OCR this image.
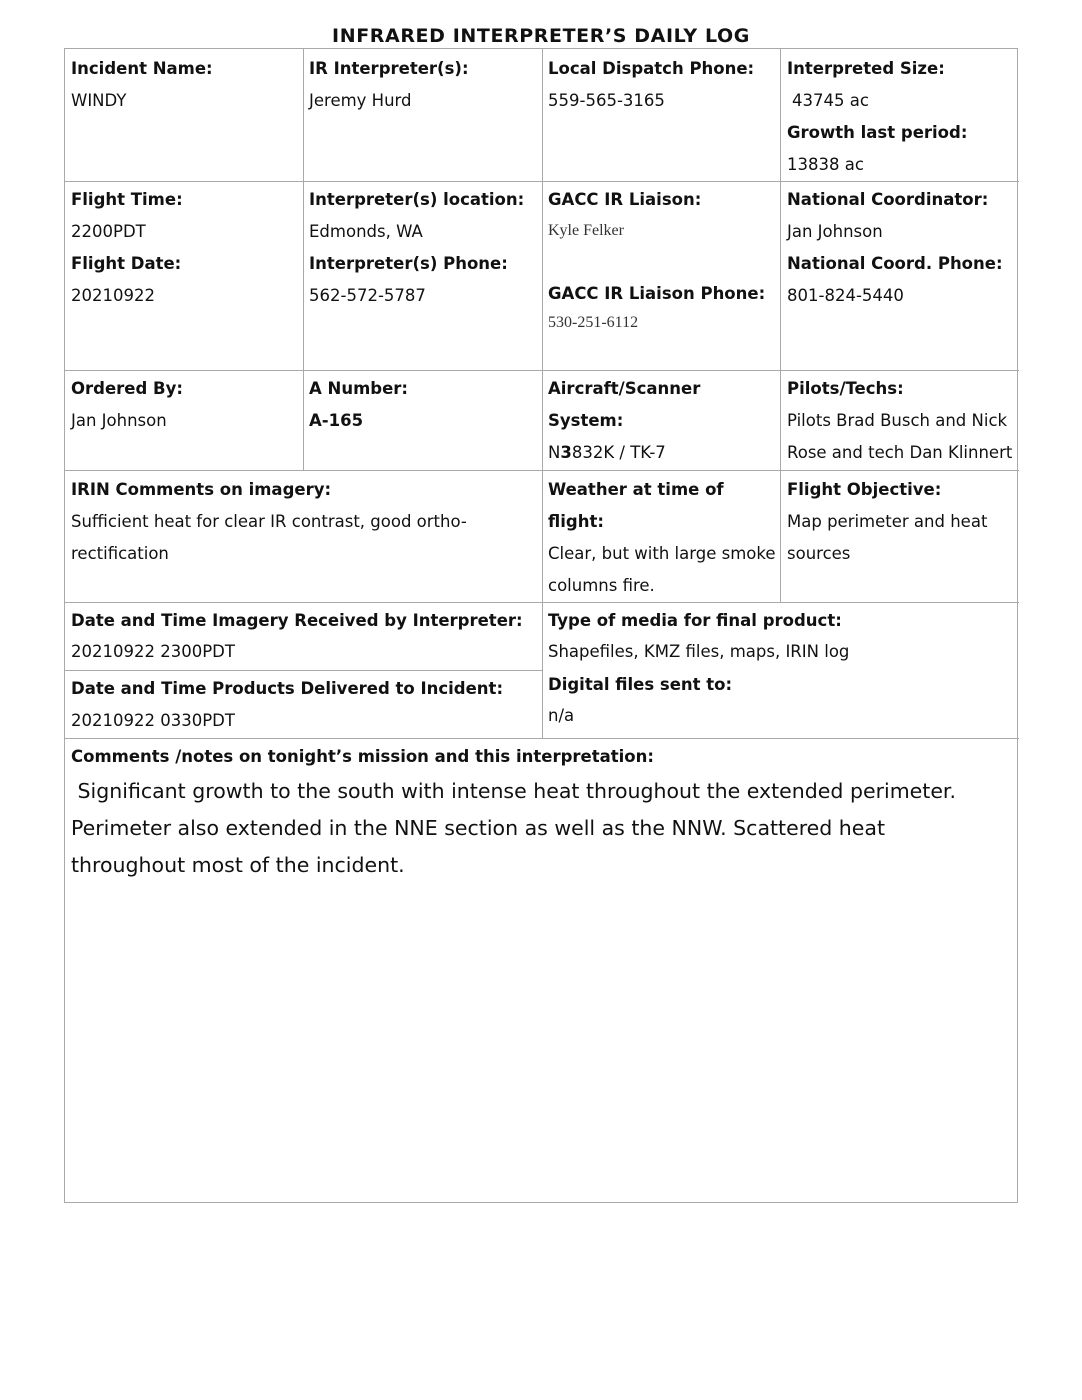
INFRARED INTERPRETER’S DAILY LOG
Incident Name:
WINDY
IR Interpreter(s):
Jeremy Hurd
Local Dispatch Phone:
559-565-3165
Interpreted Size:
43745 ac
Growth last period:
13838 ac
Flight Time:
2200PDT
Flight Date:
20210922
Interpreter(s) location:
Edmonds, WA
Interpreter(s) Phone:
562-572-5787
GACC IR Liaison:
Kyle Felker
GACC IR Liaison Phone:
530-251-6112
National Coordinator:
Jan Johnson
National Coord. Phone:
801-824-5440
Ordered By:
Jan Johnson
A Number:
A-165
Aircraft/Scanner
System:
N3832K / TK-7
Pilots/Techs:
Pilots Brad Busch and Nick
Rose and tech Dan Klinnert
IRIN Comments on imagery:
Sufficient heat for clear IR contrast, good ortho-
rectification
Weather at time of
flight:
Clear, but with large smoke
columns fire.
Flight Objective:
Map perimeter and heat
sources
Date and Time Imagery Received by Interpreter:
20210922 2300PDT
Date and Time Products Delivered to Incident:
20210922 0330PDT
Type of media for final product:
Shapefiles, KMZ files, maps, IRIN log
Digital files sent to:
n/a
Comments /notes on tonight’s mission and this interpretation:
Significant growth to the south with intense heat throughout the extended perimeter. Perimeter also extended in the NNE section as well as the NNW. Scattered heat throughout most of the incident.
